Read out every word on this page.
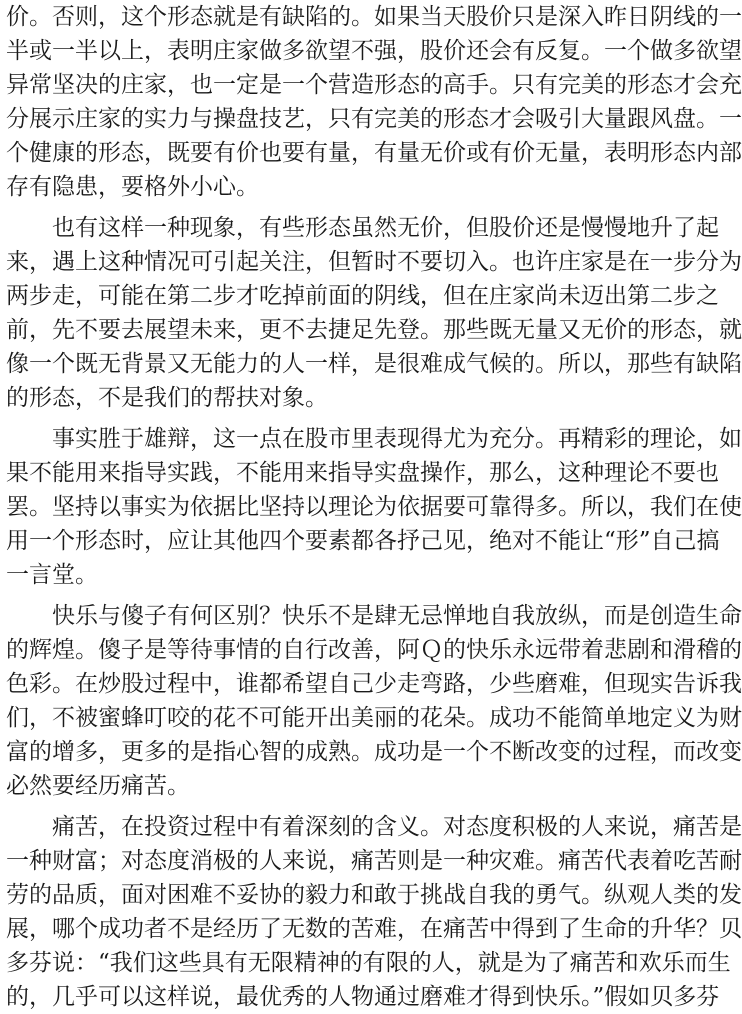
价。否则，这个形态就是有缺陷的。如果当天股价只是深入昨日阴线的一
半或一半以上，表明庄家做多欲望不强，股价还会有反复。一个做多欲望
异常坚决的庄家，也一定是一个营造形态的高手。只有完美的形态才会充
分展示庄家的实力与操盘技艺，只有完美的形态才会吸引大量跟风盘。一
个健康的形态，既要有价也要有量，有量无价或有价无量，表明形态内部
存有隐患，要格外小心。
　　也有这样一种现象，有些形态虽然无价，但股价还是慢慢地升了起
来，遇上这种情况可引起关注，但暂时不要切入。也许庄家是在一步分为
两步走，可能在第二步才吃掉前面的阴线，但在庄家尚未迈出第二步之
前，先不要去展望未来，更不去捷足先登。那些既无量又无价的形态，就
像一个既无背景又无能力的人一样，是很难成气候的。所以，那些有缺陷
的形态，不是我们的帮扶对象。
　　事实胜于雄辩，这一点在股市里表现得尤为充分。再精彩的理论，如
果不能用来指导实践，不能用来指导实盘操作，那么，这种理论不要也
罢。坚持以事实为依据比坚持以理论为依据要可靠得多。所以，我们在使
用一个形态时，应让其他四个要素都各抒己见，绝对不能让“形”自己搞
一言堂。
　　快乐与傻子有何区别？快乐不是肆无忌惮地自我放纵，而是创造生命
的辉煌。傻子是等待事情的自行改善，阿Ｑ的快乐永远带着悲剧和滑稽的
色彩。在炒股过程中，谁都希望自己少走弯路，少些磨难，但现实告诉我
们，不被蜜蜂叮咬的花不可能开出美丽的花朵。成功不能简单地定义为财
富的增多，更多的是指心智的成熟。成功是一个不断改变的过程，而改变
必然要经历痛苦。
　　痛苦，在投资过程中有着深刻的含义。对态度积极的人来说，痛苦是
一种财富；对态度消极的人来说，痛苦则是一种灾难。痛苦代表着吃苦耐
劳的品质，面对困难不妥协的毅力和敢于挑战自我的勇气。纵观人类的发
展，哪个成功者不是经历了无数的苦难，在痛苦中得到了生命的升华？贝
多芬说：“我们这些具有无限精神的有限的人，就是为了痛苦和欢乐而生
的，几乎可以这样说，最优秀的人物通过磨难才得到快乐。”假如贝多芬
